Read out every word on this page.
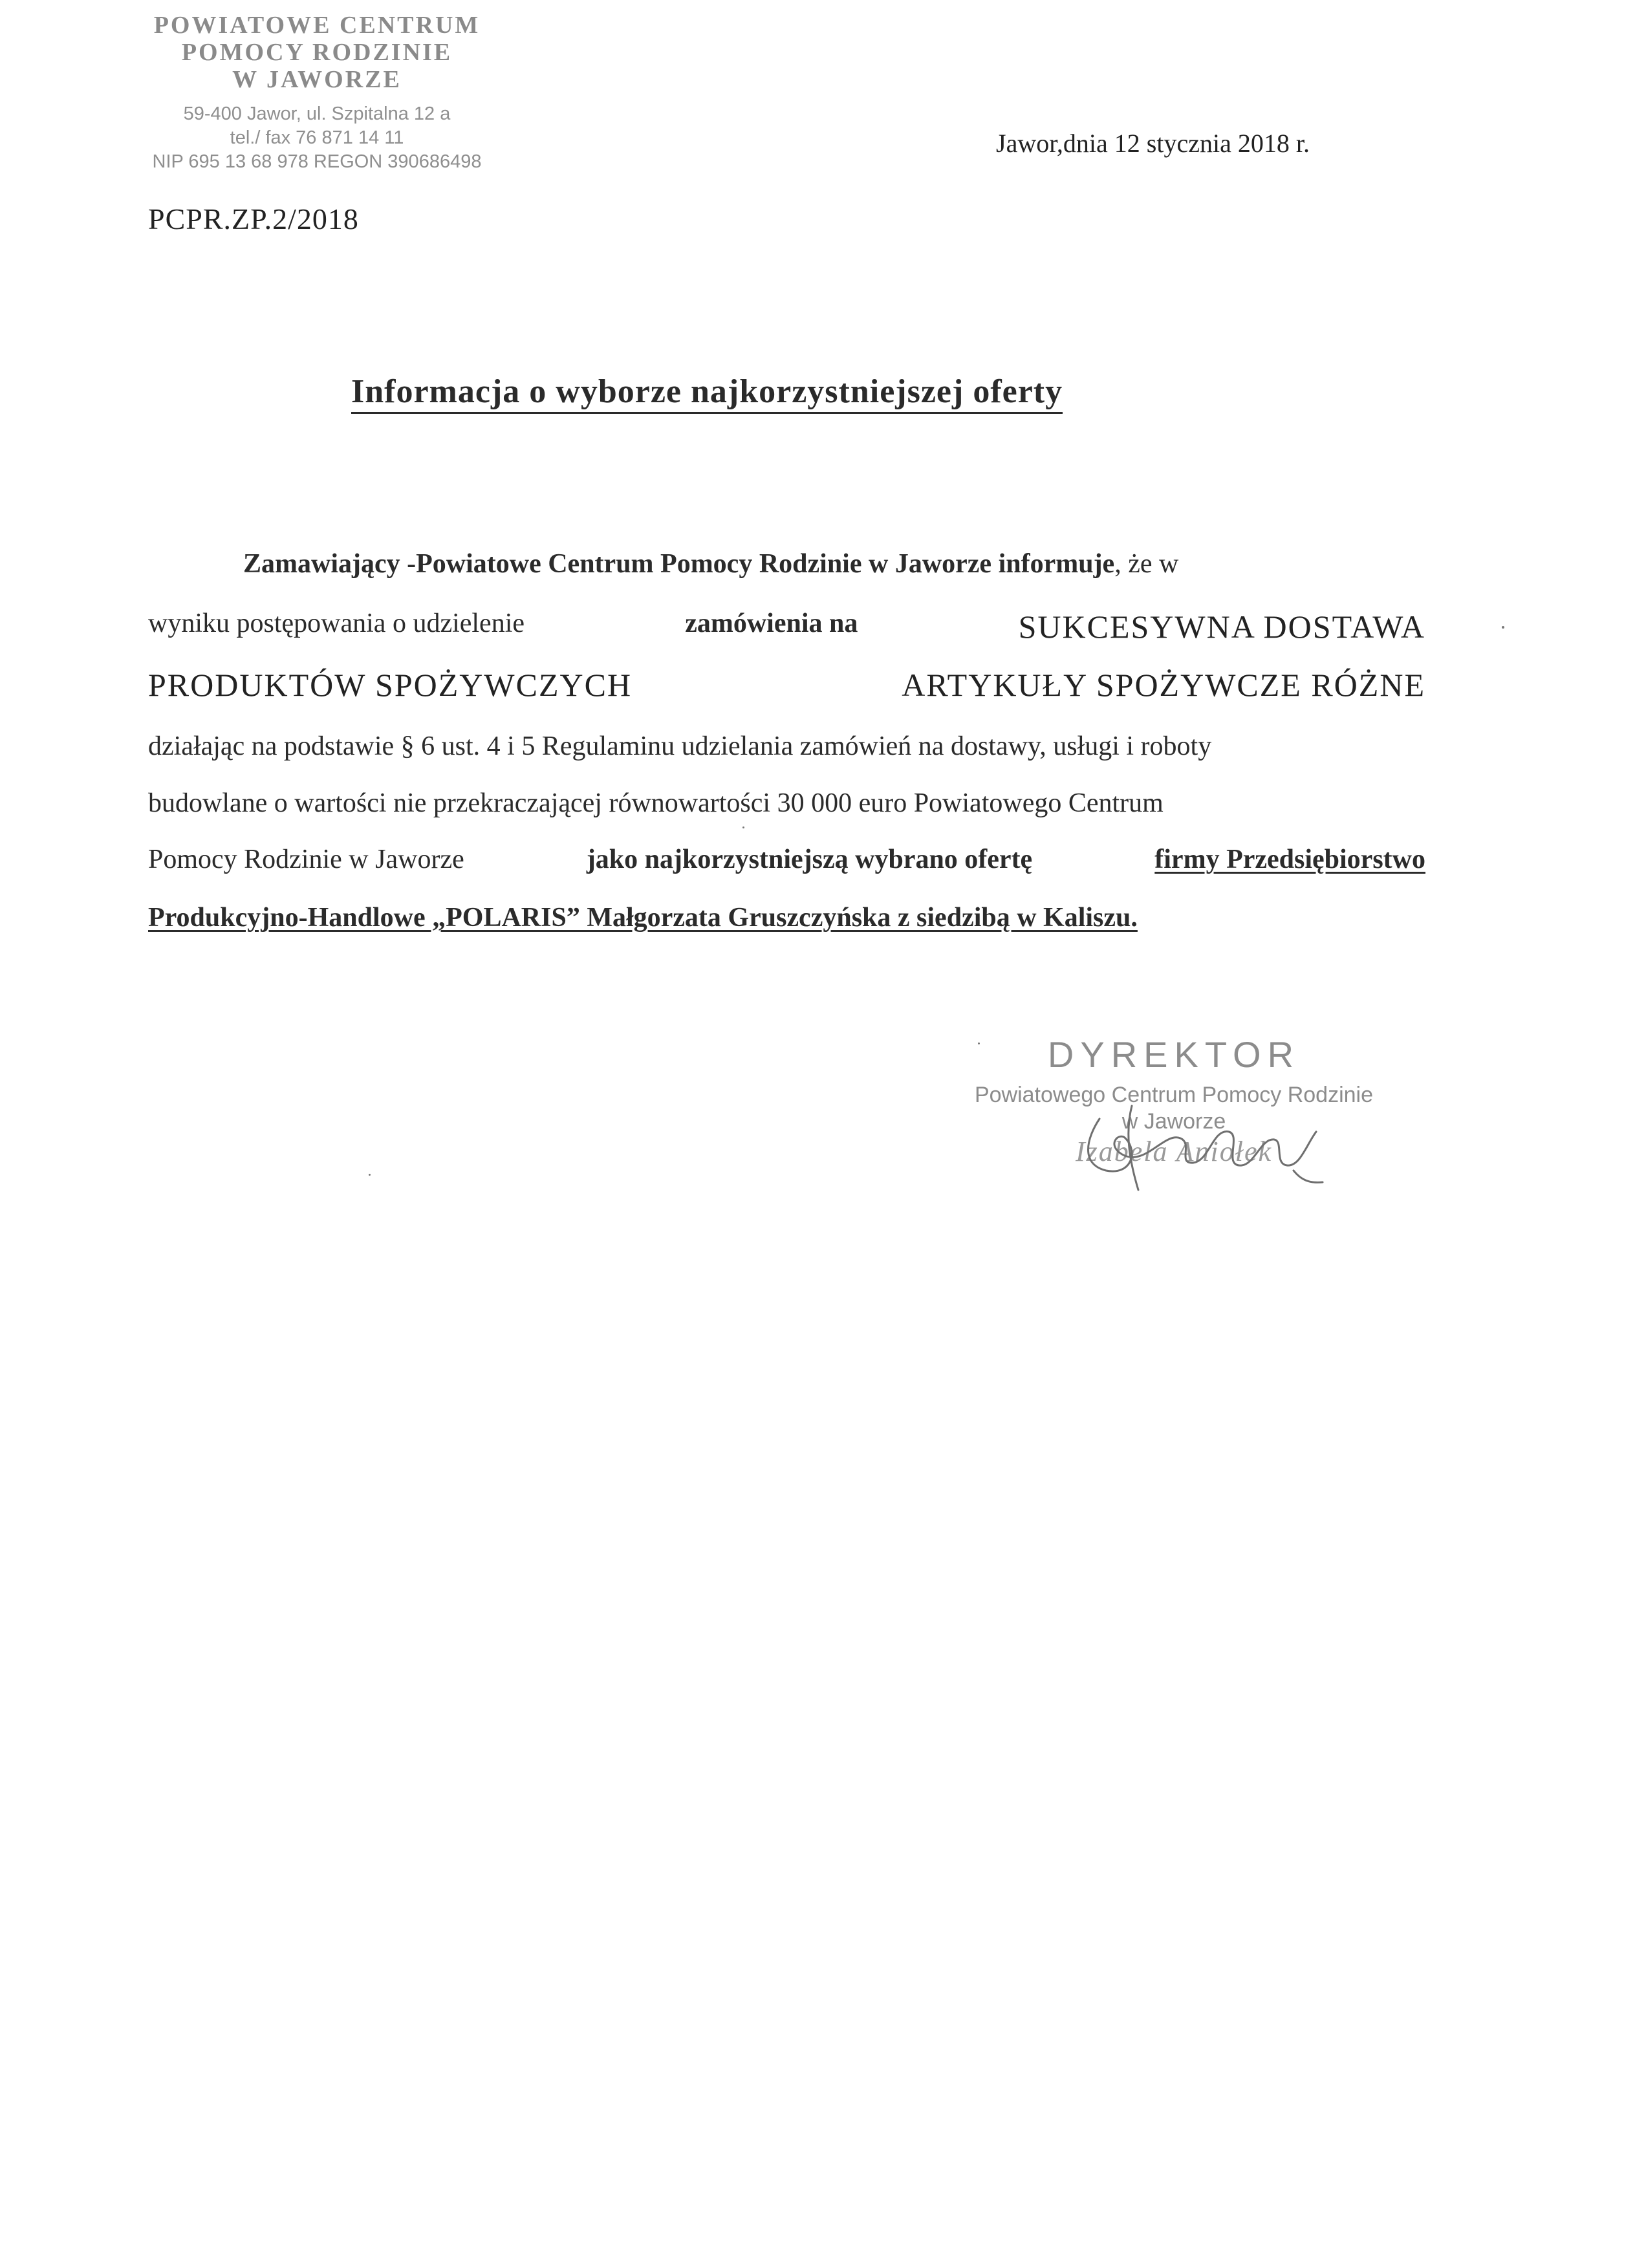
POWIATOWE CENTRUM
POMOCY RODZINIE
W JAWORZE
59-400 Jawor, ul. Szpitalna 12 a
tel./ fax 76 871 14 11
NIP 695 13 68 978 REGON 390686498
Jawor,dnia 12 stycznia 2018 r.
PCPR.ZP.2/2018
Informacja o wyborze najkorzystniejszej oferty
Zamawiający -Powiatowe Centrum Pomocy Rodzinie w Jaworze informuje, że w
wyniku postępowania o udzielenie	zamówienia na	SUKCESYWNA DOSTAWA
PRODUKTÓW SPOŻYWCZYCH	ARTYKUŁY SPOŻYWCZE RÓŻNE
działając na podstawie § 6 ust. 4 i 5 Regulaminu udzielania zamówień na dostawy, usługi i roboty
budowlane o wartości nie przekraczającej równowartości 30 000 euro Powiatowego Centrum
Pomocy Rodzinie w Jaworze	jako najkorzystniejszą wybrano ofertę	firmy Przedsiębiorstwo
Produkcyjno-Handlowe „POLARIS” Małgorzata Gruszczyńska z siedzibą w Kaliszu.
DYREKTOR
Powiatowego Centrum Pomocy Rodzinie
w Jaworze
Izabela Aniołek
